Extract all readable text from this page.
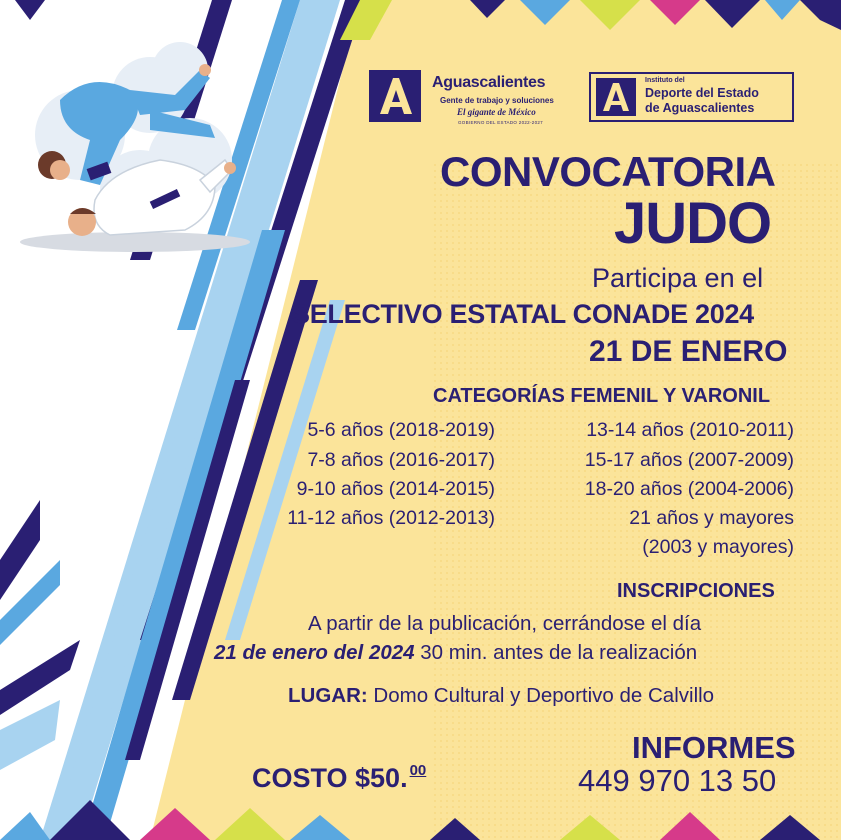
Aguascalientes
Gente de trabajo y soluciones
El gigante de México
GOBIERNO DEL ESTADO 2022-2027
Instituto del
Deporte del Estado
de Aguascalientes
CONVOCATORIA
JUDO
Participa en el
SELECTIVO ESTATAL CONADE 2024
21 DE ENERO
CATEGORÍAS FEMENIL Y VARONIL
5-6 años (2018-2019)
7-8 años (2016-2017)
9-10 años (2014-2015)
11-12 años (2012-2013)
13-14 años (2010-2011)
15-17 años (2007-2009)
18-20 años (2004-2006)
21 años y mayores
(2003 y mayores)
INSCRIPCIONES
A partir de la publicación, cerrándose el día
21 de enero del 2024 30 min. antes de la realización
LUGAR: Domo Cultural y Deportivo de Calvillo
INFORMES
449 970 13 50
COSTO $50. $^{00}$
